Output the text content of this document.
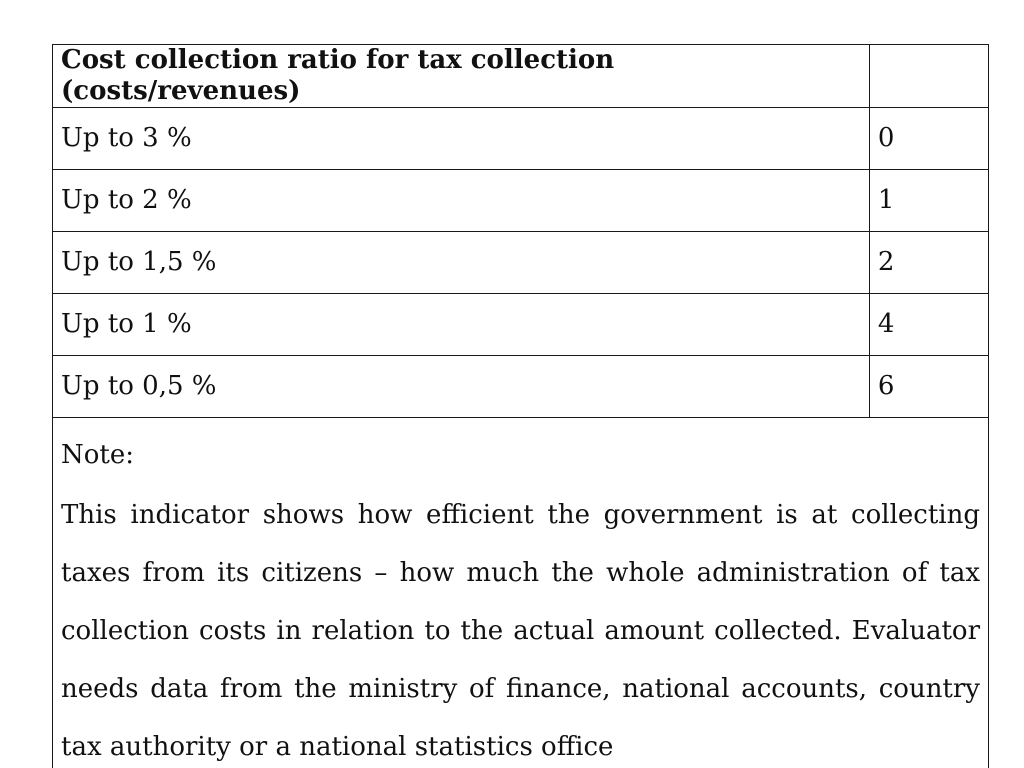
Cost collection ratio for tax collection (costs/revenues)	
Up to 3 %	0
Up to 2 %	1
Up to 1,5 %	2
Up to 1 %	4
Up to 0,5 %	6

Note:

This indicator shows how efficient the government is at collecting taxes from its citizens – how much the whole administration of tax collection costs in relation to the actual amount collected. Evaluator needs data from the ministry of finance, national accounts, country tax authority or a national statistics office	
